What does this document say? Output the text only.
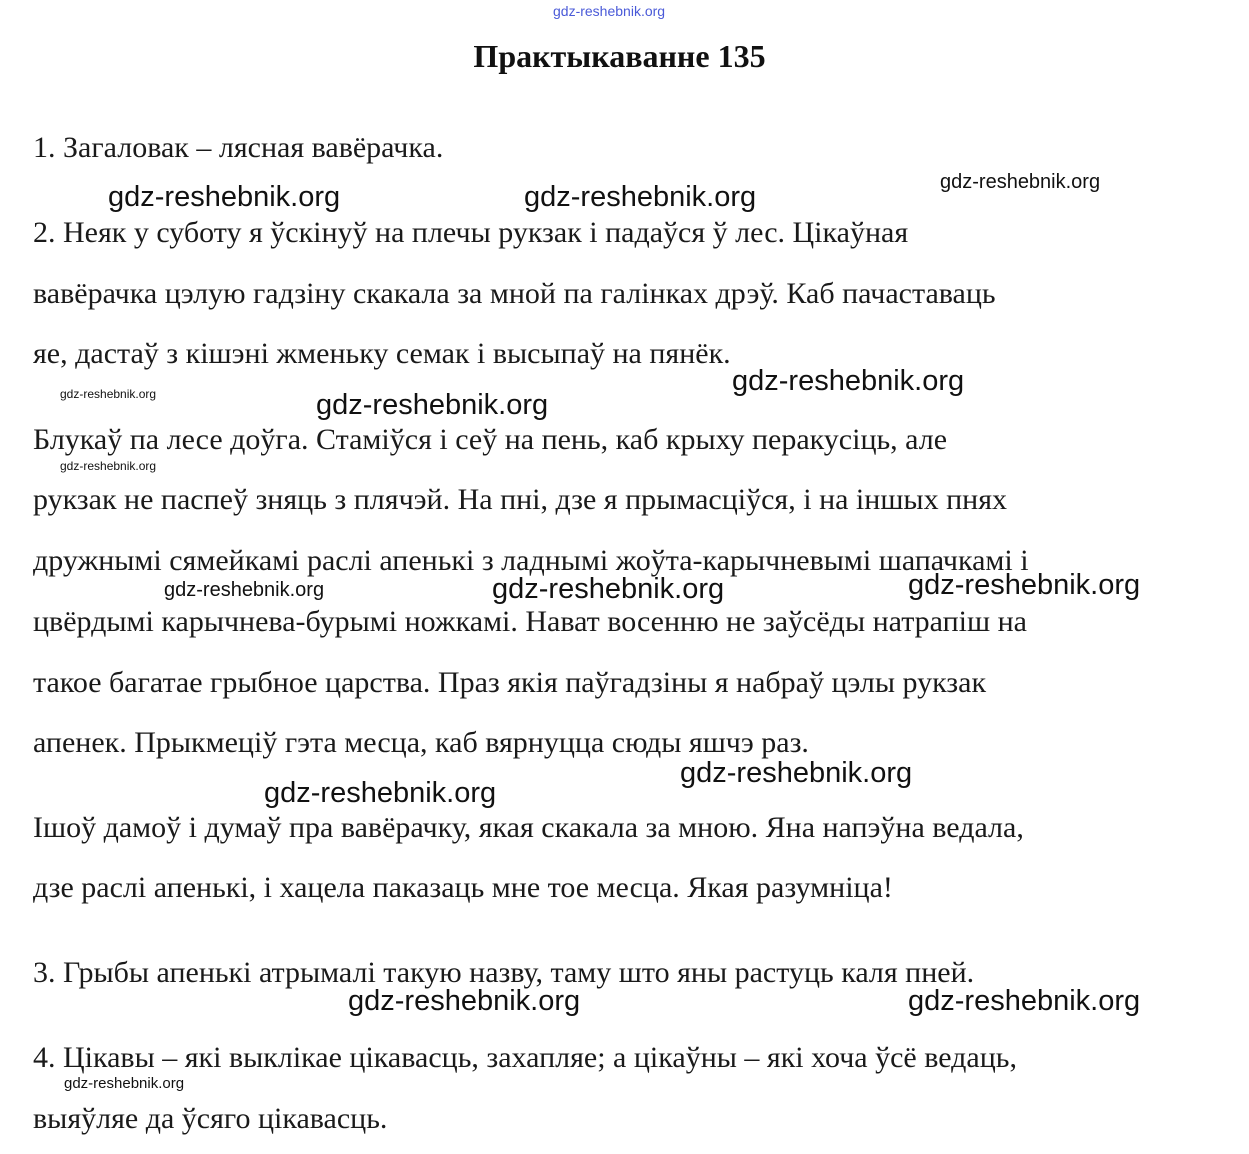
gdz-reshebnik.org
Практыкаванне 135
1. Загаловак – лясная вавёрачка.
2. Неяк у суботу я ўскінуў на плечы рукзак і падаўся ў лес. Цікаўная
вавёрачка цэлую гадзіну скакала за мной па галінках дрэў. Каб пачаставаць
яе, дастаў з кішэні жменьку семак і высыпаў на пянёк.
Блукаў па лесе доўга. Стаміўся і сеў на пень, каб крыху перакусіць, але
рукзак не паспеў зняць з плячэй. На пні, дзе я прымасціўся, і на іншых пнях
дружнымі сямейкамі раслі апенькі з ладнымі жоўта-карычневымі шапачкамі і
цвёрдымі карычнева-бурымі ножкамі. Нават восенню не заўсёды натрапіш на
такое багатае грыбное царства. Праз якія паўгадзіны я набраў цэлы рукзак
апенек. Прыкмеціў гэта месца, каб вярнуцца сюды яшчэ раз.
Ішоў дамоў і думаў пра вавёрачку, якая скакала за мною. Яна напэўна ведала,
дзе раслі апенькі, і хацела паказаць мне тое месца. Якая разумніца!
3. Грыбы апенькі атрымалі такую назву, таму што яны растуць каля пней.
4. Цікавы – які выклікае цікавасць, захапляе; а цікаўны – які хоча ўсё ведаць,
выяўляе да ўсяго цікавасць.
gdz-reshebnik.org	gdz-reshebnik.org	gdz-reshebnik.org
gdz-reshebnik.org
gdz-reshebnik.org	gdz-reshebnik.org
gdz-reshebnik.org
gdz-reshebnik.org	gdz-reshebnik.org	gdz-reshebnik.org
gdz-reshebnik.org
gdz-reshebnik.org
gdz-reshebnik.org	gdz-reshebnik.org
gdz-reshebnik.org
